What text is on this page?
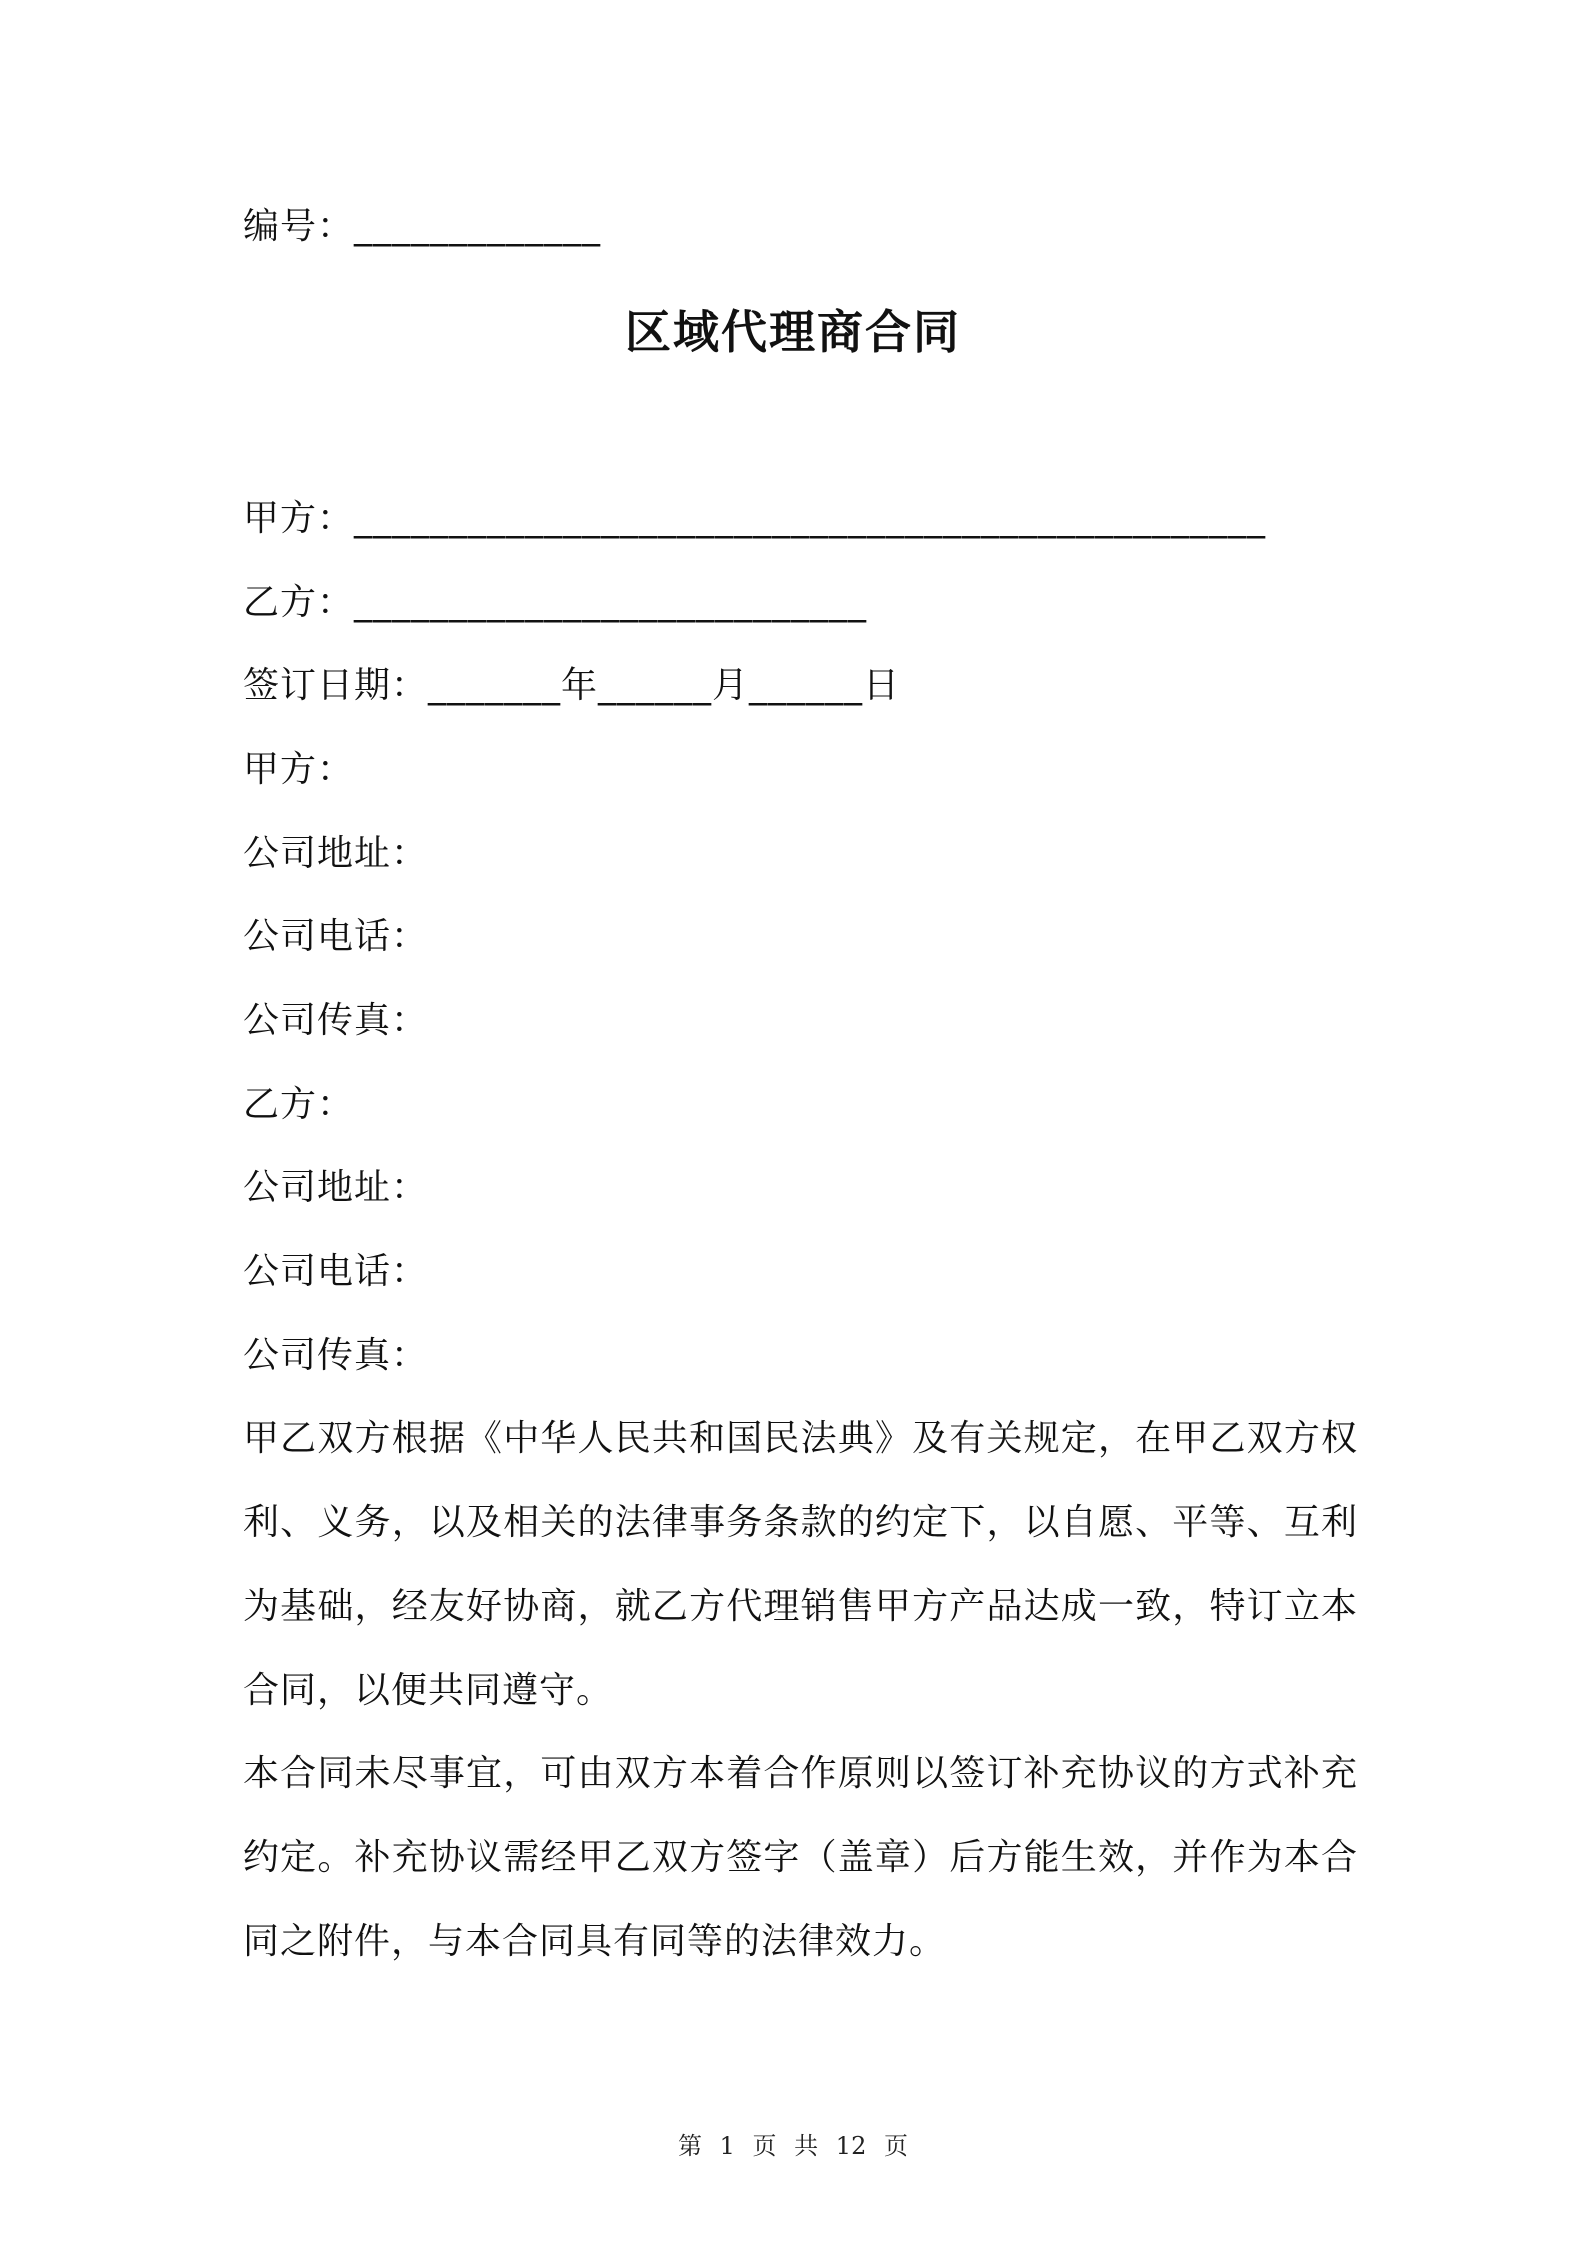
编号：_____________
区域代理商合同
甲方：________________________________________________
乙方：___________________________
签订日期：_______年______月______日
甲方：
公司地址：
公司电话：
公司传真：
乙方：
公司地址：
公司电话：
公司传真：
甲乙双方根据《中华人民共和国民法典》及有关规定，在甲乙双方权利、义务，以及相关的法律事务条款的约定下，以自愿、平等、互利为基础，经友好协商，就乙方代理销售甲方产品达成一致，特订立本合同，以便共同遵守。
本合同未尽事宜，可由双方本着合作原则以签订补充协议的方式补充约定。补充协议需经甲乙双方签字（盖章）后方能生效，并作为本合同之附件，与本合同具有同等的法律效力。
第 1 页 共 12 页
